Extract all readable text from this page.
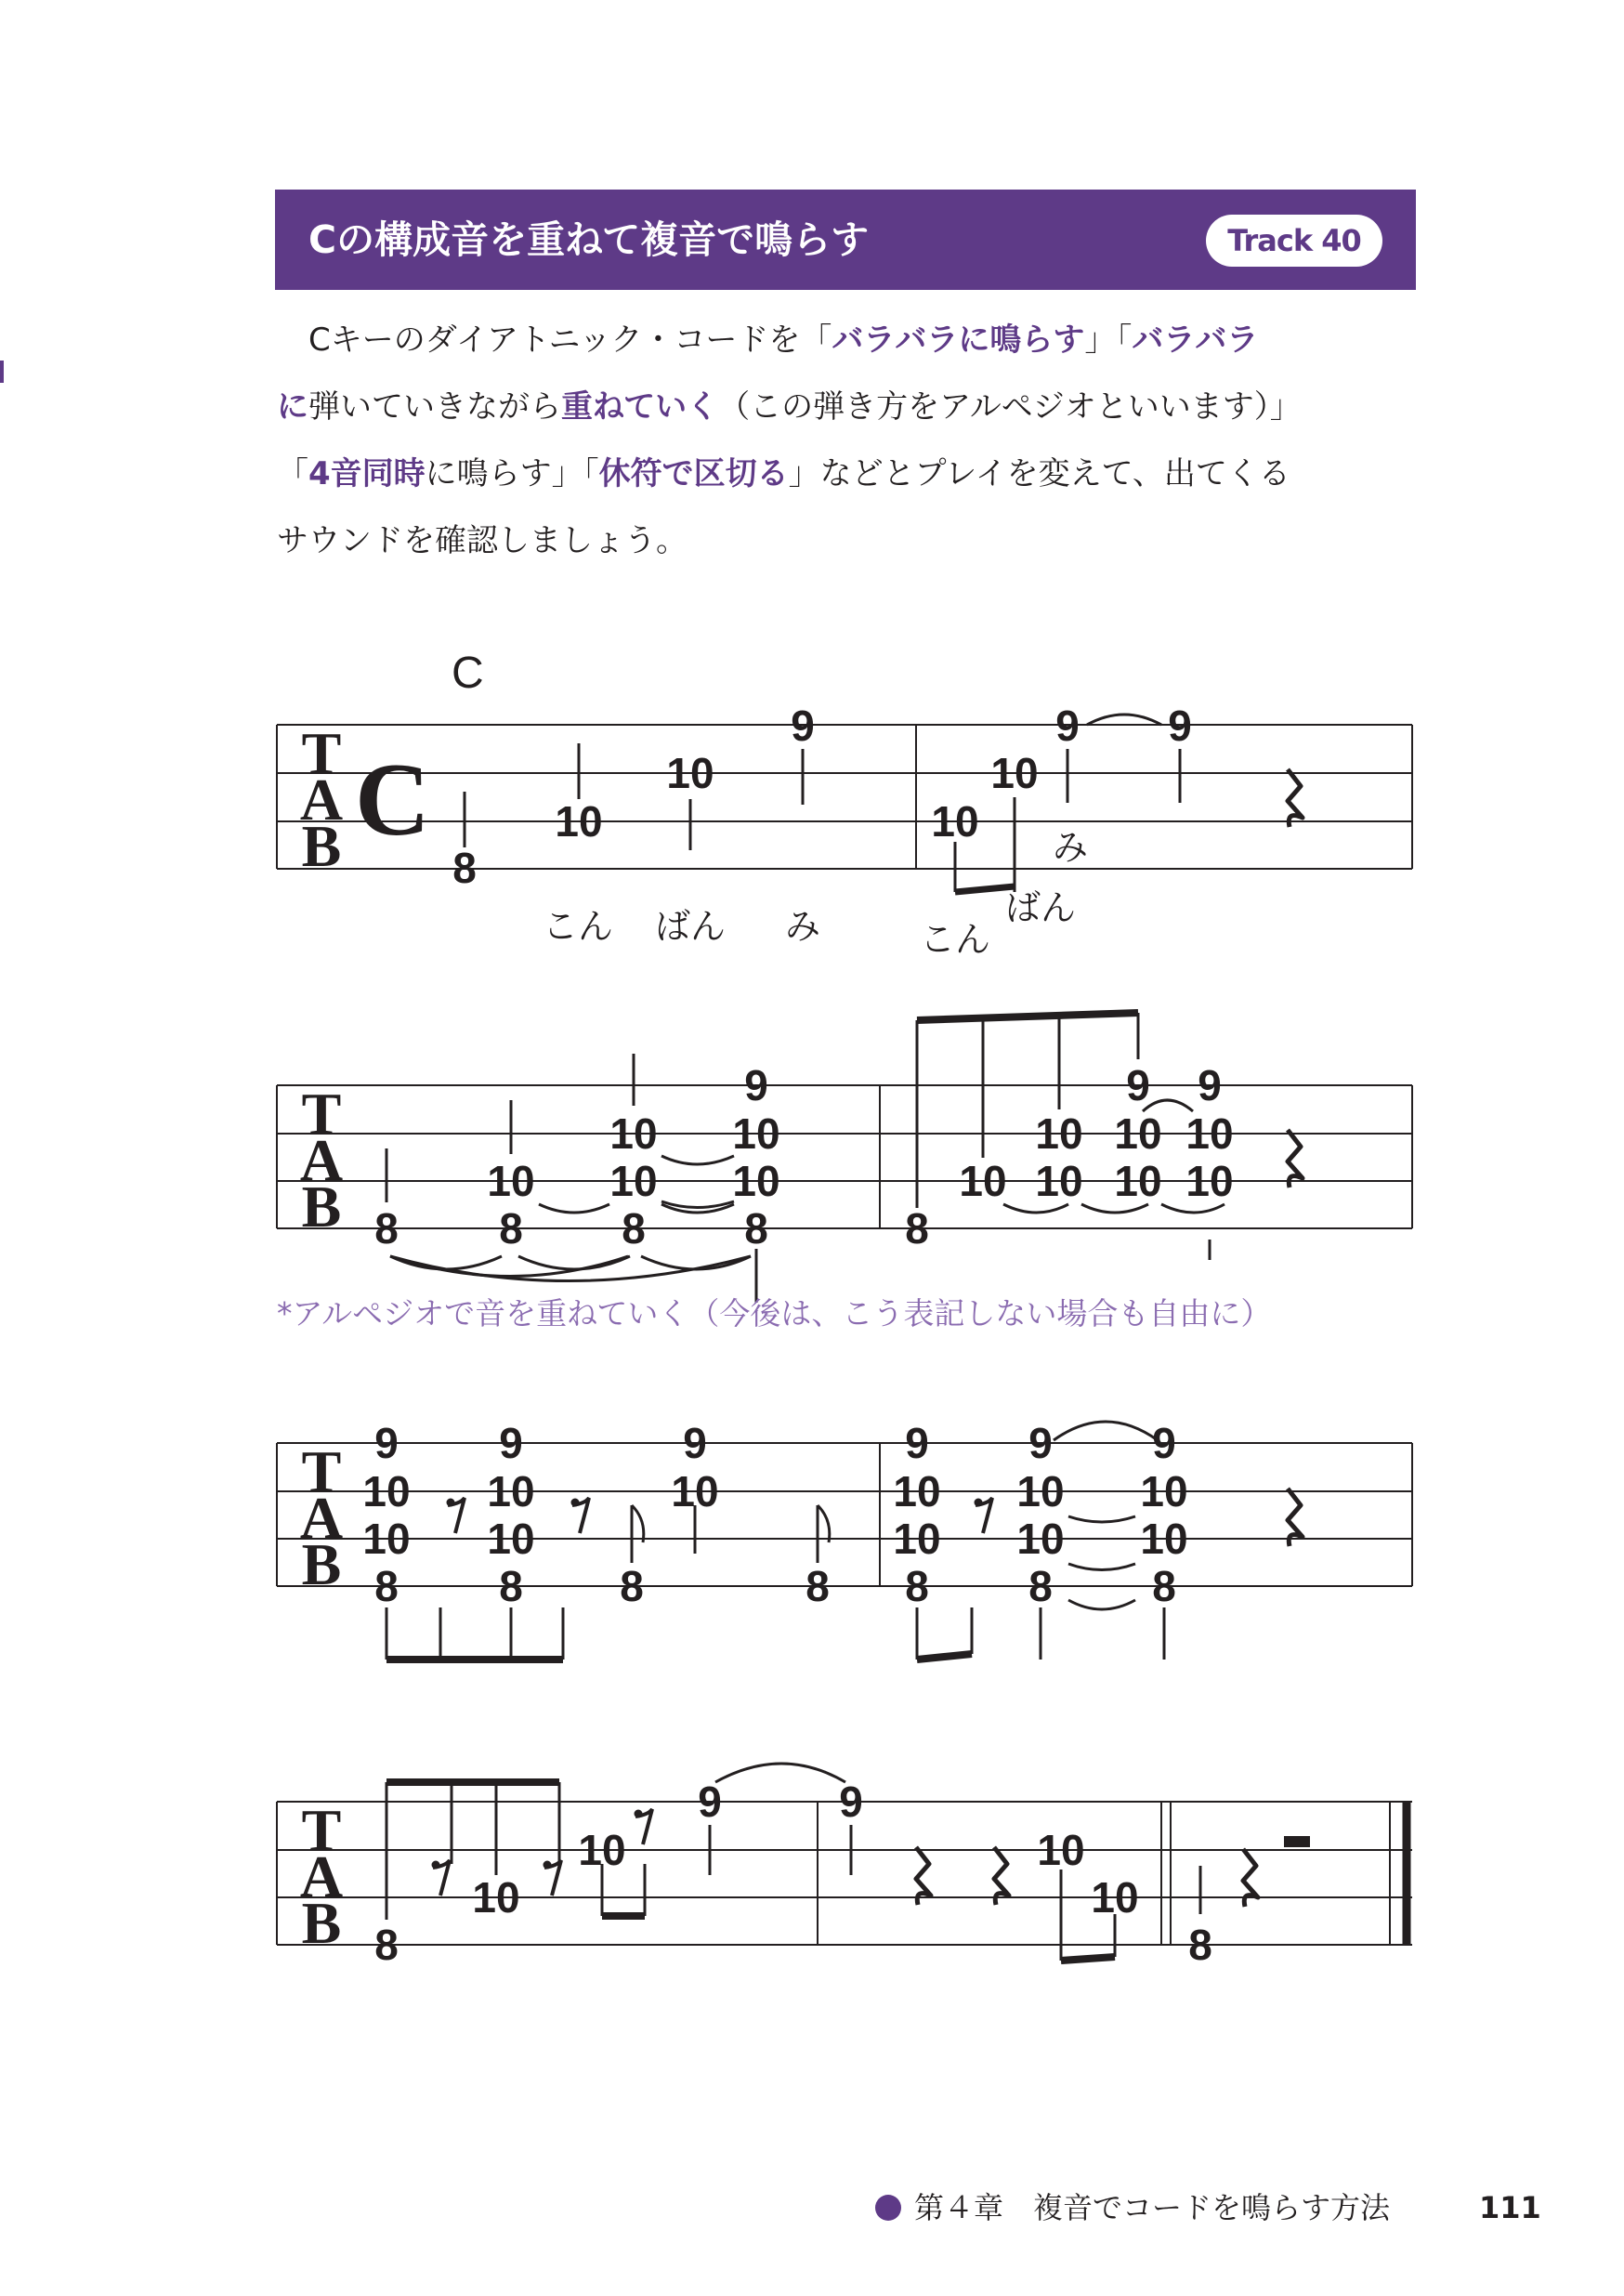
Cの構成音を重ねて複音で鳴らす	Track 40
　Cキーのダイアトニック・コードを「バラバラに鳴らす」「バラバラ
に弾いていきながら重ねていく（この弾き方をアルペジオといいます）」
「4音同時に鳴らす」「休符で区切る」などとプレイを変えて、出てくる
サウンドを確認しましょう。
T
A
B
T
A
B
T
A
B
T
A
B
C
C
8
10
10
9
10
10
9 9
こん ばん み	こん
ばん
み
8 8
10
8
10
10
8
10
10
9
8
10 10
10
10
10
9
10
10
9
9
10
10
8
9
10
10
8 8
9
10
8
9
10
10
8
9
10
10
8
9
10
10
8
8
10
10
9	9
10
10
8
*アルペジオで音を重ねていく（今後は、こう表記しない場合も自由に）
第４章　複音でコードを鳴らす方法	111
